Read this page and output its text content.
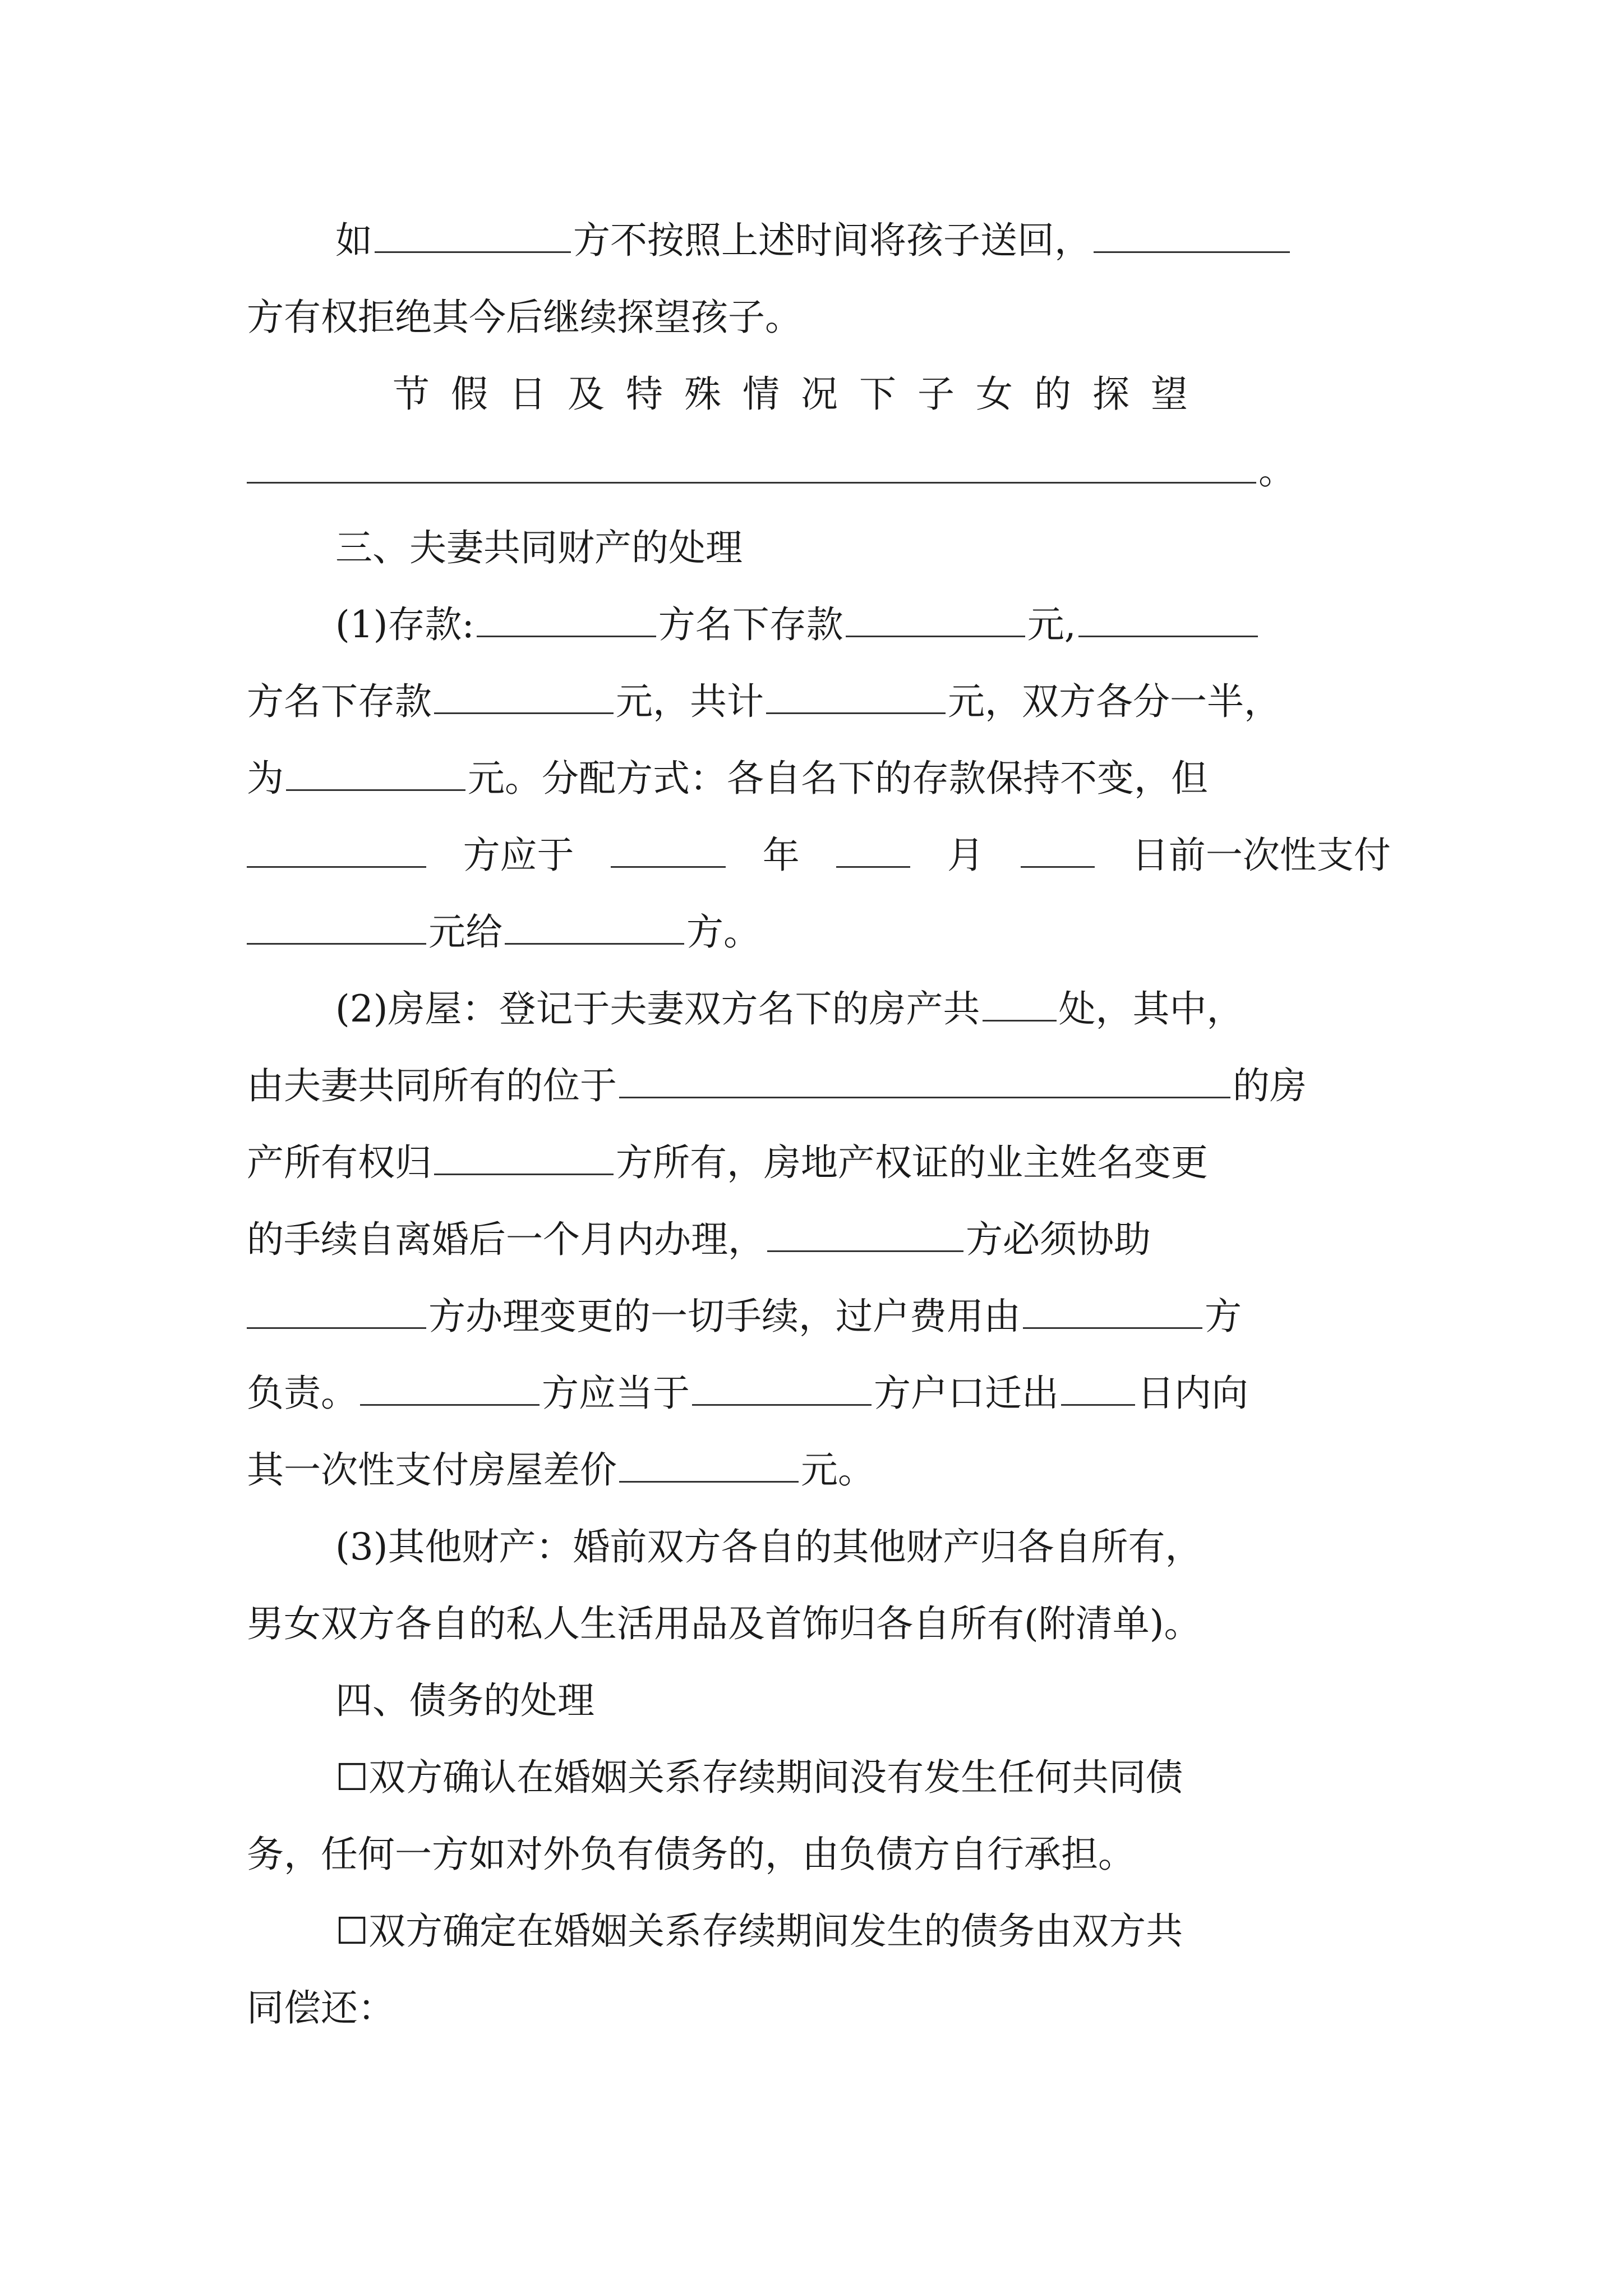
如	方不按照上述时间将孩子送回，
方有权拒绝其今后继续探望孩子。
节假日及特殊情况下子女的探望
。
三、夫妻共同财产的处理
(1)存款:	方名下存款	元,
方名下存款	元，共计	元，双方各分一半，
为	元。分配方式：各自名下的存款保持不变，但
方应于	年	月	日前一次性支付
元给	方。
(2)房屋：登记于夫妻双方名下的房产共 处，其中，
由夫妻共同所有的位于	的房
产所有权归	方所有，房地产权证的业主姓名变更
的手续自离婚后一个月内办理，	方必须协助
方办理变更的一切手续，过户费用由	方
负责。	方应当于	方户口迁出 日内向
其一次性支付房屋差价	元。
(3)其他财产：婚前双方各自的其他财产归各自所有，
男女双方各自的私人生活用品及首饰归各自所有(附清单)。
四、债务的处理
☐双方确认在婚姻关系存续期间没有发生任何共同债
务，任何一方如对外负有债务的，由负债方自行承担。
☐双方确定在婚姻关系存续期间发生的债务由双方共
同偿还：
